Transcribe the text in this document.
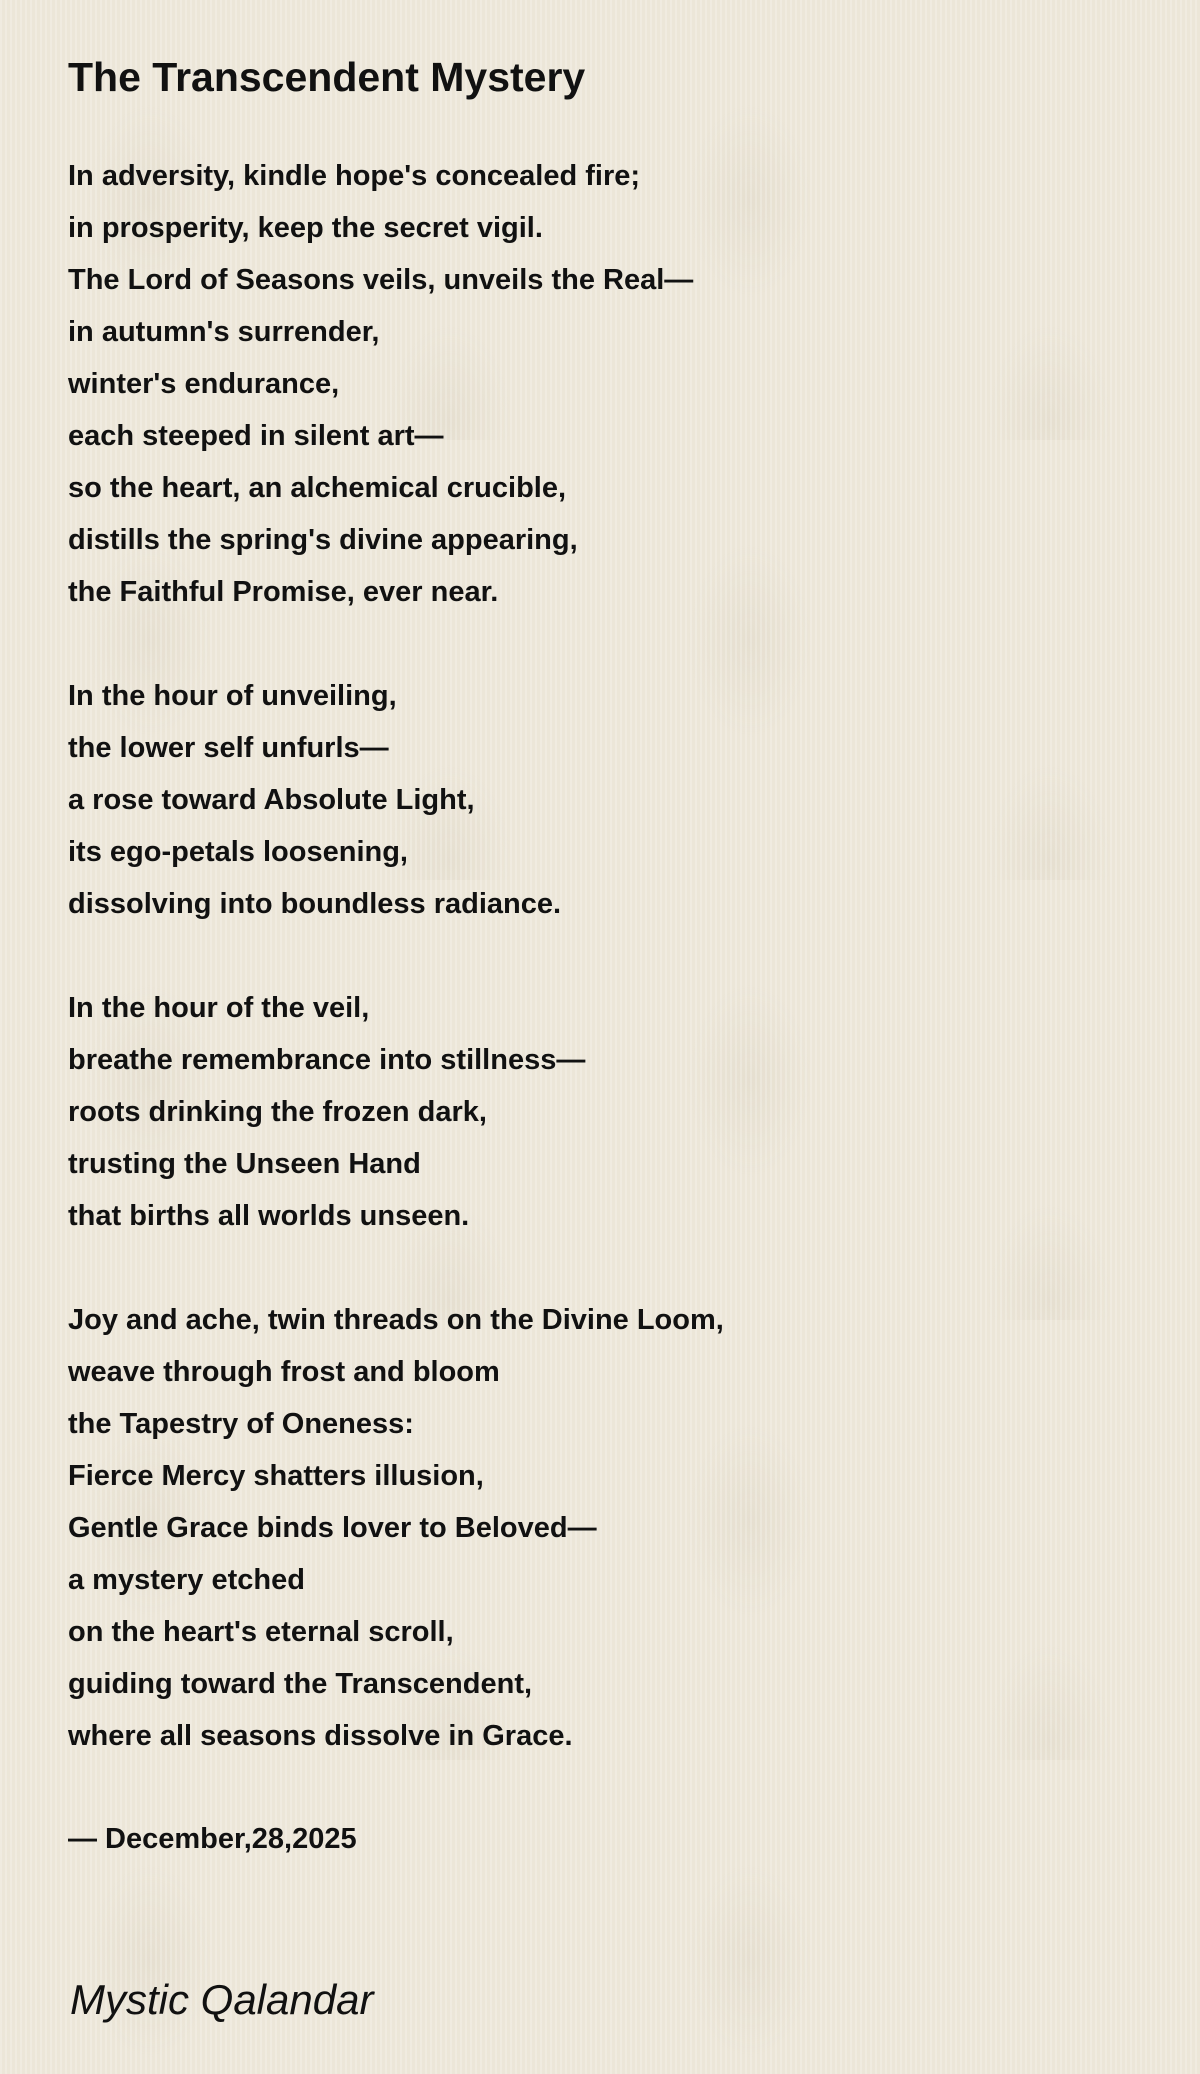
The Transcendent Mystery
In adversity, kindle hope's concealed fire;
in prosperity, keep the secret vigil.
The Lord of Seasons veils, unveils the Real—
in autumn's surrender,
winter's endurance,
each steeped in silent art—
so the heart, an alchemical crucible,
distills the spring's divine appearing,
the Faithful Promise, ever near.
In the hour of unveiling,
the lower self unfurls—
a rose toward Absolute Light,
its ego-petals loosening,
dissolving into boundless radiance.
In the hour of the veil,
breathe remembrance into stillness—
roots drinking the frozen dark,
trusting the Unseen Hand
that births all worlds unseen.
Joy and ache, twin threads on the Divine Loom,
weave through frost and bloom
the Tapestry of Oneness:
Fierce Mercy shatters illusion,
Gentle Grace binds lover to Beloved—
a mystery etched
on the heart's eternal scroll,
guiding toward the Transcendent,
where all seasons dissolve in Grace.
— December,28,2025
Mystic Qalandar
